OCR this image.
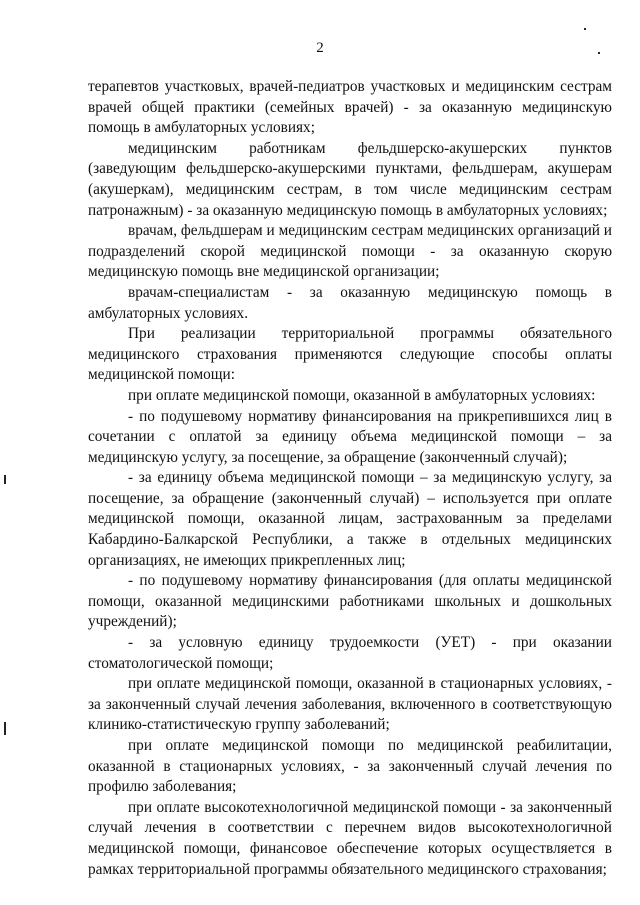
2

терапевтов участковых, врачей-педиатров участковых и медицинским сестрам врачей общей практики (семейных врачей) - за оказанную медицинскую помощь в амбулаторных условиях;

медицинским работникам фельдшерско-акушерских пунктов (заведующим фельдшерско-акушерскими пунктами, фельдшерам, акушерам (акушеркам), медицинским сестрам, в том числе медицинским сестрам патронажным) - за оказанную медицинскую помощь в амбулаторных условиях;

врачам, фельдшерам и медицинским сестрам медицинских организаций и подразделений скорой медицинской помощи - за оказанную скорую медицинскую помощь вне медицинской организации;

врачам-специалистам - за оказанную медицинскую помощь в амбулаторных условиях.

При реализации территориальной программы обязательного медицинского страхования применяются следующие способы оплаты медицинской помощи:

при оплате медицинской помощи, оказанной в амбулаторных условиях:

- по подушевому нормативу финансирования на прикрепившихся лиц в сочетании с оплатой за единицу объема медицинской помощи – за медицинскую услугу, за посещение, за обращение (законченный случай);

- за единицу объема медицинской помощи – за медицинскую услугу, за посещение, за обращение (законченный случай) – используется при оплате медицинской помощи, оказанной лицам, застрахованным за пределами Кабардино-Балкарской Республики, а также в отдельных медицинских организациях, не имеющих прикрепленных лиц;

- по подушевому нормативу финансирования (для оплаты медицинской помощи, оказанной медицинскими работниками школьных и дошкольных учреждений);

- за условную единицу трудоемкости (УЕТ) - при оказании стоматологической помощи;

при оплате медицинской помощи, оказанной в стационарных условиях, - за законченный случай лечения заболевания, включенного в соответствующую клинико-статистическую группу заболеваний;

при оплате медицинской помощи по медицинской реабилитации, оказанной в стационарных условиях, - за законченный случай лечения по профилю заболевания;

при оплате высокотехнологичной медицинской помощи - за законченный случай лечения в соответствии с перечнем видов высокотехнологичной медицинской помощи, финансовое обеспечение которых осуществляется в рамках территориальной программы обязательного медицинского страхования;
